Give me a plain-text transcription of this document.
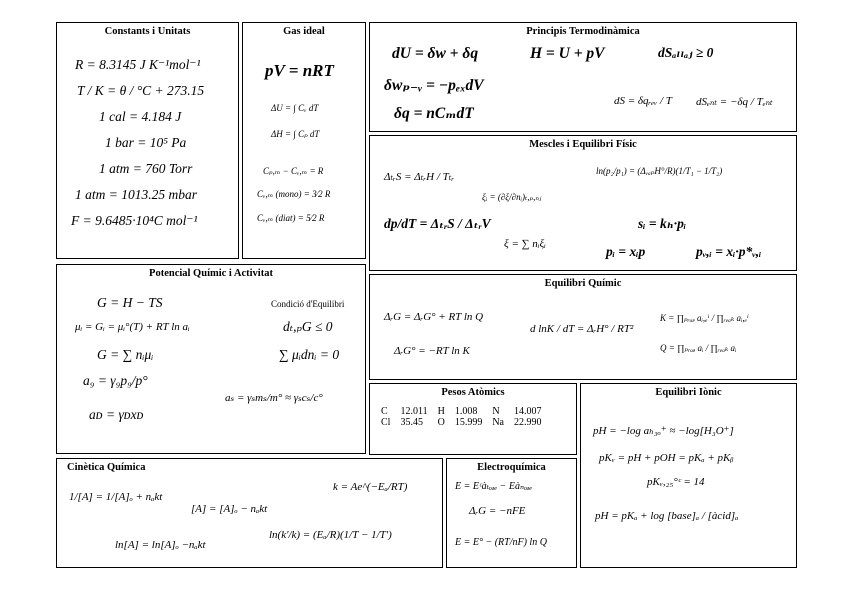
Constants i Unitats
R = 8.3145 J K⁻¹mol⁻¹
T / K = θ / °C + 273.15
1 cal = 4.184 J
1 bar = 10⁵ Pa
1 atm = 760 Torr
1 atm = 1013.25 mbar
F = 9.6485·10⁴C mol⁻¹
Gas ideal
pV = nRT
ΔU = ∫ Cᵥ dT
ΔH = ∫ Cₚ dT
Cₚ,ₘ − Cᵥ,ₘ = R
Cᵥ,ₘ (mono) = 3⁄2 R
Cᵥ,ₘ (diat) = 5⁄2 R
Principis Termodinàmica
dU = δw + δq	H = U + pV	dSₐₗₗₐⱼ ≥ 0
δwₚ₋ᵥ = −pₑₓdV
δq = nCₘdT
dS = δqᵣₑᵥ / T dSₑₙₜ = −δq / Tₑₙₜ
Mescles i Equilibri Físic
ΔₜᵣS = ΔₜᵣH / Tₜᵣ
ξᵢ = (∂ξ/∂nᵢ)ₜ,ₚ,ₙⱼ
ln(p₂/p₁) = (ΔᵥₐₚH°/R)(1/T₁ − 1/T₂)
dp/dT = ΔₜᵣS / ΔₜᵣV
ξ = ∑ nᵢξᵢ
sᵢ = kₕ·pᵢ
pᵢ = xᵢp	pᵥ,ᵢ = xᵢ·p*ᵥ,ᵢ
Potencial Químic i Activitat
Condició d'Equilibri
G = H − TS
μᵢ = Gᵢ = μᵢ°(T) + RT ln aᵢ
G = ∑ nᵢμᵢ
a₉ = γ₉p₉/p°
aᴅ = γᴅxᴅ
dₜ,ₚG ≤ 0
∑ μᵢdnᵢ = 0
aₛ = γₛmₛ/m° ≈ γₛcₛ/c°
Equilibri Químic
ΔᵣG = ΔᵣG° + RT ln Q
ΔᵣG° = −RT ln K
d lnK / dT = ΔᵣH° / RT²
K = ∏ₚᵣₒₔ aᵢ,ₑⁱ / ∏ᵣₑₐₖ aᵢ,ₑⁱ
Q = ∏ₚᵣₒₔ aᵢ / ∏ᵣₑₐₖ aᵢ
Pesos Atòmics
C	12.011	H	1.008	N	14.007
Cl	35.45	O	15.999	Na	22.990
Equilibri Iònic
pH = −log aₕ₃ₒ⁺ ≈ −log[H₃O⁺]
pKᵥ = pH + pOH = pKₐ + pKᵦ
pKᵥ,₂₅°ᶜ = 14
pH = pKₐ + log [base]ₐ / [àcid]ₐ
Cinètica Química
1/[A] = 1/[A]ₒ + nₐkt
[A] = [A]ₒ − nₐkt
k = Ae^(−Eₐ/RT)
ln[A] = ln[A]ₒ −nₐkt
ln(k'/k) = (Eₐ/R)(1/T − 1/T')
Electroquímica
E = Eᶜàₜₒₔₑ − Eàₙₒₔₑ
ΔᵣG = −nFE
E = E° − (RT/nF) ln Q
